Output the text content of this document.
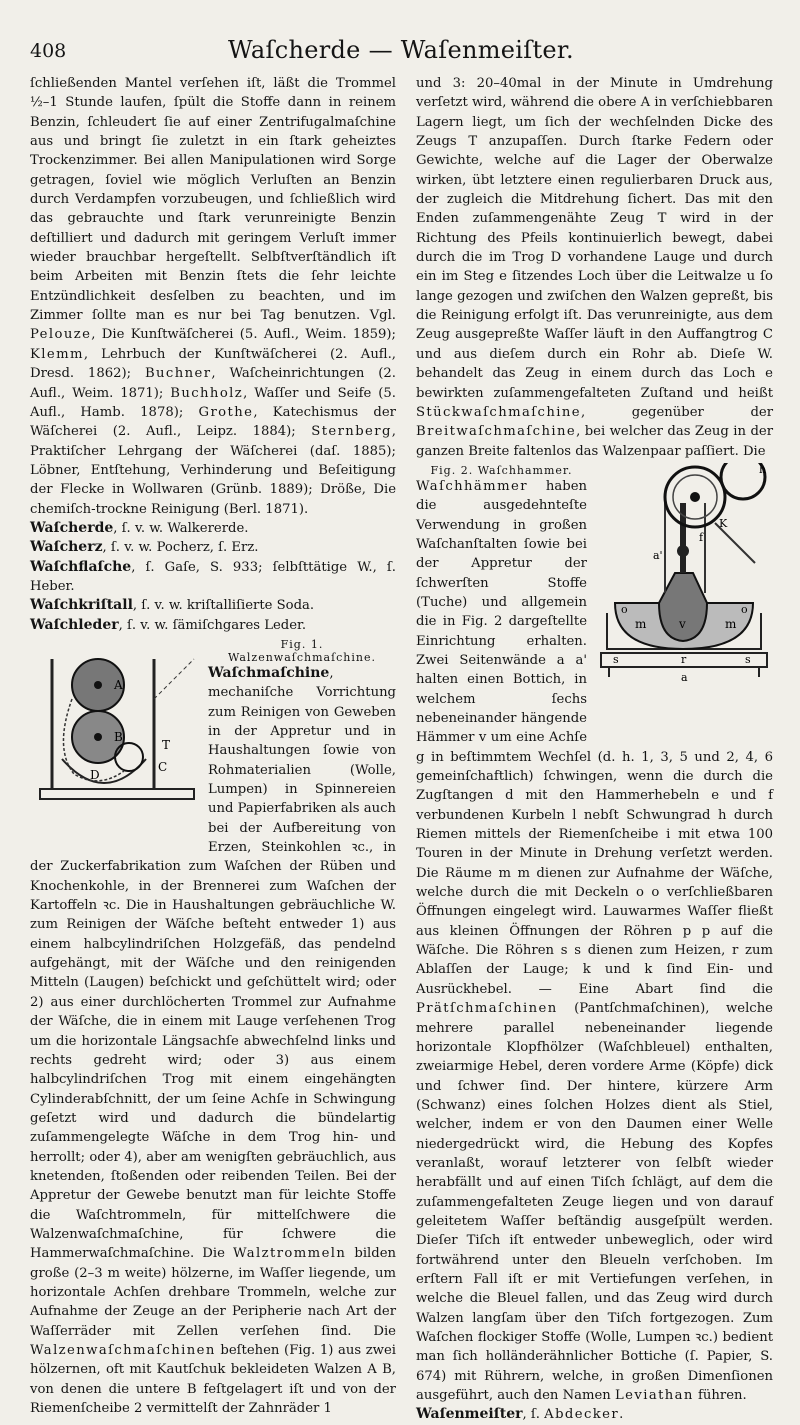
408	Waſcherde — Waſenmeiſter.

ſchließenden Mantel verſehen iſt, läßt die Trommel ½–1 Stunde laufen, ſpült die Stoffe dann in reinem Benzin, ſchleudert ſie auf einer Zentrifugalmaſchine aus und bringt ſie zuletzt in ein ſtark geheiztes Trockenzimmer. Bei allen Manipulationen wird Sorge getragen, ſoviel wie möglich Verluſten an Benzin durch Verdampfen vorzubeugen, und ſchließlich wird das gebrauchte und ſtark verunreinigte Benzin deſtilliert und dadurch mit geringem Verluſt immer wieder brauchbar hergeſtellt. Selbſtverſtändlich iſt beim Arbeiten mit Benzin ſtets die ſehr leichte Entzündlichkeit desſelben zu beachten, und im Zimmer ſollte man es nur bei Tag benutzen. Vgl. Pelouze, Die Kunſtwäſcherei (5. Aufl., Weim. 1859); Klemm, Lehrbuch der Kunſtwäſcherei (2. Aufl., Dresd. 1862); Buchner, Waſcheinrichtungen (2. Aufl., Weim. 1871); Buchholz, Waſſer und Seife (5. Aufl., Hamb. 1878); Grothe, Katechismus der Wäſcherei (2. Aufl., Leipz. 1884); Sternberg, Praktiſcher Lehrgang der Wäſcherei (daſ. 1885); Löbner, Entſtehung, Verhinderung und Beſeitigung der Flecke in Wollwaren (Grünb. 1889); Drößе, Die chemiſch-trockne Reinigung (Berl. 1871).

Waſcherde, ſ. v. w. Walkererde.

Waſcherz, ſ. v. w. Pocherz, ſ. Erz.

Waſchflaſche, ſ. Gaſe, S. 933; ſelbſttätige W., ſ. Heber.

Waſchkriſtall, ſ. v. w. kriſtalliſierte Soda.

Waſchleder, ſ. v. w. ſämiſchgares Leder.

A
B
T
C
D

Fig. 1. Walzenwaſchmaſchine.
Waſchmaſchine, mechaniſche Vorrichtung zum Reinigen von Geweben in der Appretur und in Haushaltungen ſowie von Rohmaterialien (Wolle, Lumpen) in Spinnereien und Papierfabriken als auch bei der Aufbereitung von Erzen, Steinkohlen ꝛc., in der Zuckerfabrikation zum Waſchen der Rüben und Knochenkohle, in der Brennerei zum Waſchen der Kartoffeln ꝛc. Die in Haushaltungen gebräuchliche W. zum Reinigen der Wäſche beſteht entweder 1) aus einem halbcylindriſchen Holzgefäß, das pendelnd aufgehängt, mit der Wäſche und den reinigenden Mitteln (Laugen) beſchickt und geſchüttelt wird; oder 2) aus einer durchlöcherten Trommel zur Aufnahme der Wäſche, die in einem mit Lauge verſehenen Trog um die horizontale Längsachſe abwechſelnd links und rechts gedreht wird; oder 3) aus einem halbcylindriſchen Trog mit einem eingehängten Cylinderabſchnitt, der um ſeine Achſe in Schwingung geſetzt wird und dadurch die bündelartig zuſammengelegte Wäſche in dem Trog hin- und herrollt; oder 4), aber am wenigſten gebräuchlich, aus knetenden, ſtoßenden oder reibenden Teilen. Bei der Appretur der Gewebe benutzt man für leichte Stoffe die Waſchtrommeln, für mittelſchwere die Walzenwaſchmaſchine, für ſchwere die Hammerwaſchmaſchine. Die Walztrommeln bilden große (2–3 m weite) hölzerne, im Waſſer liegende, um horizontale Achſen drehbare Trommeln, welche zur Aufnahme der Zeuge an der Peripherie nach Art der Waſſerräder mit Zellen verſehen ſind. Die Walzenwaſchmaſchinen beſtehen (Fig. 1) aus zwei hölzernen, oft mit Kautſchuk bekleideten Walzen A B, von denen die untere B feſtgelagert iſt und von der Riemenſcheibe 2 vermittelſt der Zahnräder 1

und 3: 20–40mal in der Minute in Umdrehung verſetzt wird, während die obere A in verſchiebbaren Lagern liegt, um ſich der wechſelnden Dicke des Zeugs T anzupaſſen. Durch ſtarke Federn oder Gewichte, welche auf die Lager der Oberwalze wirken, übt letztere einen regulierbaren Druck aus, der zugleich die Mitdrehung ſichert. Das mit den Enden zuſammengenähte Zeug T wird in der Richtung des Pfeils kontinuierlich bewegt, dabei durch die im Trog D vorhandene Lauge und durch ein im Steg e ſitzendes Loch über die Leitwalze u ſo lange gezogen und zwiſchen den Walzen gepreßt, bis die Reinigung erfolgt iſt. Das verunreinigte, aus dem Zeug ausgepreßte Waſſer läuft in den Auffangtrog C und aus dieſem durch ein Rohr ab. Dieſe W. behandelt das Zeug in einem durch das Loch e bewirkten zuſammengefalteten Zuſtand und heißt Stückwaſchmaſchine, gegenüber der Breitwaſchmaſchine, bei welcher das Zeug in der ganzen Breite faltenlos das Walzenpaar paſſiert. Die
h
K
f
a'
o	o
m	v	m
s	s
r
a

Fig. 2. Waſchhammer.
Waſchhämmer haben die ausgedehnteſte Verwendung in großen Waſchanſtalten ſowie bei der Appretur der ſchwerſten Stoffe (Tuche) und allgemein die in Fig. 2 dargeſtellte Einrichtung erhalten. Zwei Seitenwände a a' halten einen Bottich, in welchem ſechs nebeneinander hängende Hämmer v um eine Achſe g in beſtimmtem Wechſel (d. h. 1, 3, 5 und 2, 4, 6 gemeinſchaftlich) ſchwingen, wenn die durch die Zugſtangen d mit den Hammerhebeln e und f verbundenen Kurbeln l nebſt Schwungrad h durch Riemen mittels der Riemenſcheibe i mit etwa 100 Touren in der Minute in Drehung verſetzt werden. Die Räume m m dienen zur Aufnahme der Wäſche, welche durch die mit Deckeln o o verſchließbaren Öffnungen eingelegt wird. Lauwarmes Waſſer fließt aus kleinen Öffnungen der Röhren p p auf die Wäſche. Die Röhren s s dienen zum Heizen, r zum Ablaſſen der Lauge; k und k ſind Ein- und Ausrückhebel. — Eine Abart ſind die Prätſchmaſchinen (Pantſchmaſchinen), welche mehrere parallel nebeneinander liegende horizontale Klopfhölzer (Waſchbleuel) enthalten, zweiarmige Hebel, deren vordere Arme (Köpfe) dick und ſchwer ſind. Der hintere, kürzere Arm (Schwanz) eines ſolchen Holzes dient als Stiel, welcher, indem er von den Daumen einer Welle niedergedrückt wird, die Hebung des Kopfes veranlaßt, worauf letzterer von ſelbſt wieder herabfällt und auf einen Tiſch ſchlägt, auf dem die zuſammengefalteten Zeuge liegen und von darauf geleitetem Waſſer beſtändig ausgeſpült werden. Dieſer Tiſch iſt entweder unbeweglich, oder wird fortwährend unter den Bleueln verſchoben. Im erſtern Fall iſt er mit Vertiefungen verſehen, in welche die Bleuel fallen, und das Zeug wird durch Walzen langſam über den Tiſch fortgezogen. Zum Waſchen flockiger Stoffe (Wolle, Lumpen ꝛc.) bedient man ſich holländerähnlicher Bottiche (ſ. Papier, S. 674) mit Rührern, welche, in großen Dimenſionen ausgeführt, auch den Namen Leviathan führen.

Waſenmeiſter, ſ. Abdecker.
